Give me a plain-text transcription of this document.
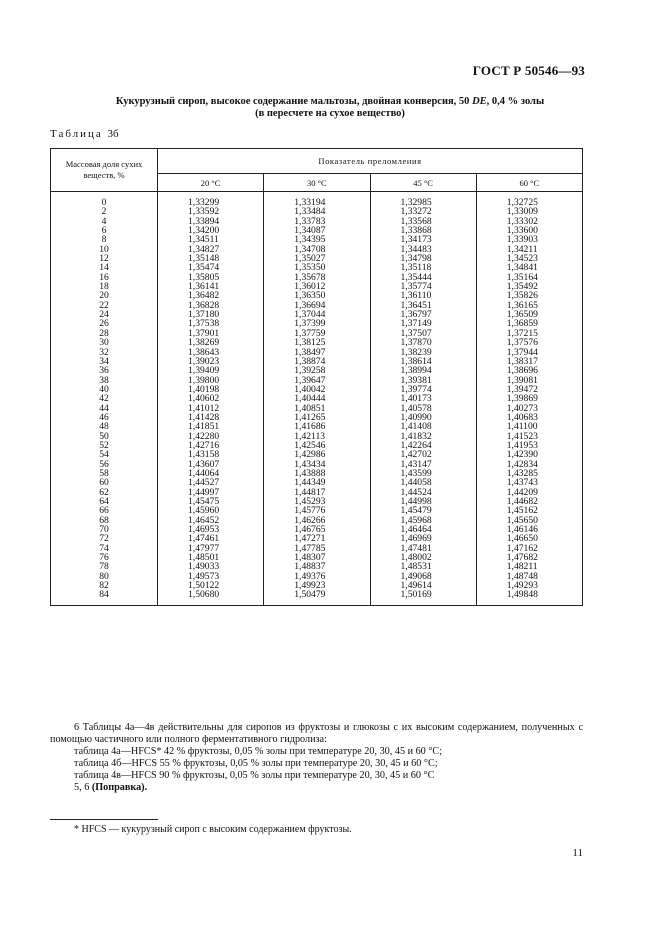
ГОСТ Р 50546—93
Кукурузный сироп, высокое содержание мальтозы, двойная конверсия, 50 DE, 0,4 % золы
(в пересчете на сухое вещество)
Таблица 3б
Массовая доля сухих веществ, %	Показатель преломления			
	20 °С	30 °С	45 °С	60 °С
0	1,33299	1,33194	1,32985	1,32725
2	1,33592	1,33484	1,33272	1,33009
4	1,33894	1,33783	1,33568	1,33302
6	1,34200	1,34087	1,33868	1,33600
8	1,34511	1,34395	1,34173	1,33903
10	1,34827	1,34708	1,34483	1,34211
12	1,35148	1,35027	1,34798	1,34523
14	1,35474	1,35350	1,35118	1,34841
16	1,35805	1,35678	1,35444	1,35164
18	1,36141	1,36012	1,35774	1,35492
20	1,36482	1,36350	1,36110	1,35826
22	1,36828	1,36694	1,36451	1,36165
24	1,37180	1,37044	1,36797	1,36509
26	1,37538	1,37399	1,37149	1,36859
28	1,37901	1,37759	1,37507	1,37215
30	1,38269	1,38125	1,37870	1,37576
32	1,38643	1,38497	1,38239	1,37944
34	1,39023	1,38874	1,38614	1,38317
36	1,39409	1,39258	1,38994	1,38696
38	1,39800	1,39647	1,39381	1,39081
40	1,40198	1,40042	1,39774	1,39472
42	1,40602	1,40444	1,40173	1,39869
44	1,41012	1,40851	1,40578	1,40273
46	1,41428	1,41265	1,40990	1,40683
48	1,41851	1,41686	1,41408	1,41100
50	1,42280	1,42113	1,41832	1,41523
52	1,42716	1,42546	1,42264	1,41953
54	1,43158	1,42986	1,42702	1,42390
56	1,43607	1,43434	1,43147	1,42834
58	1,44064	1,43888	1,43599	1,43285
60	1,44527	1,44349	1,44058	1,43743
62	1,44997	1,44817	1,44524	1,44209
64	1,45475	1,45293	1,44998	1,44682
66	1,45960	1,45776	1,45479	1,45162
68	1,46452	1,46266	1,45968	1,45650
70	1,46953	1,46765	1,46464	1,46146
72	1,47461	1,47271	1,46969	1,46650
74	1,47977	1,47785	1,47481	1,47162
76	1,48501	1,48307	1,48002	1,47682
78	1,49033	1,48837	1,48531	1,48211
80	1,49573	1,49376	1,49068	1,48748
82	1,50122	1,49923	1,49614	1,49293
84	1,50680	1,50479	1,50169	1,49848

6 Таблицы 4а—4в действительны для сиропов из фруктозы и глюкозы с их высоким содержанием, полученных с помощью частичного или полного ферментативного гидролиза:

таблица 4а—HFCS* 42 % фруктозы, 0,05 % золы при температуре 20, 30, 45 и 60 °С;

таблица 4б—HFCS 55 % фруктозы, 0,05 % золы при температуре 20, 30, 45 и 60 °С;

таблица 4в—HFCS 90 % фруктозы, 0,05 % золы при температуре 20, 30, 45 и 60 °С

5, 6 (Поправка).

* HFCS — кукурузный сироп с высоким содержанием фруктозы.
11
